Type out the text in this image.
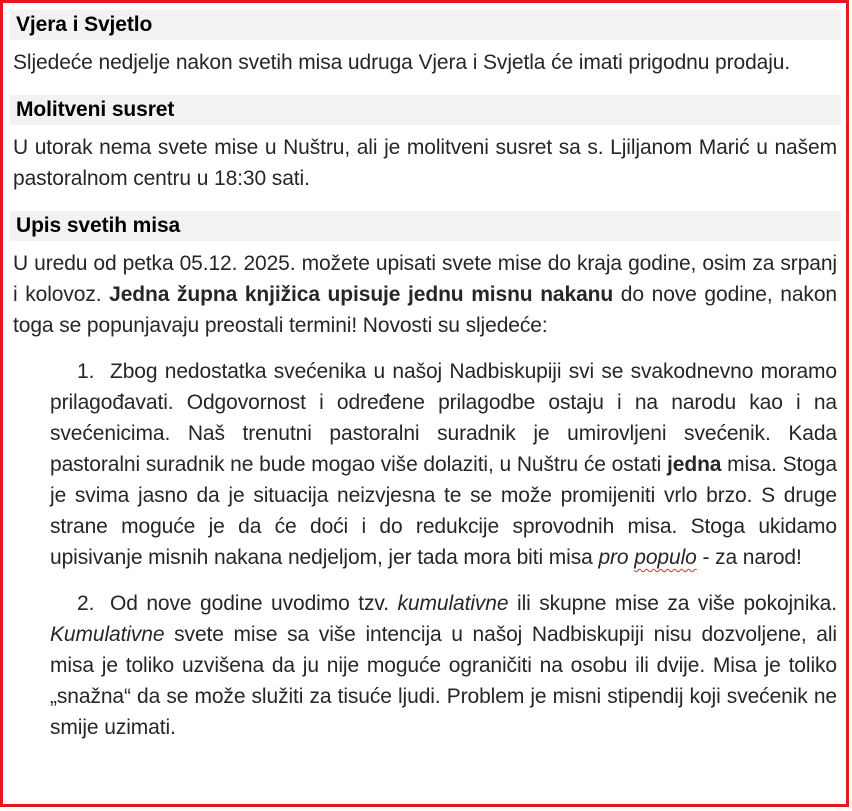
Vjera i Svjetlo

Sljedeće nedjelje nakon svetih misa udruga Vjera i Svjetla će imati prigodnu prodaju.

Molitveni susret

U utorak nema svete mise u Nuštru, ali je molitveni susret sa s. Ljiljanom Marić u našem pastoralnom centru u 18:30 sati.

Upis svetih misa

U uredu od petka 05.12. 2025. možete upisati svete mise do kraja godine, osim za srpanj i kolovoz. Jedna župna knjižica upisuje jednu misnu nakanu do nove godine, nakon toga se popunjavaju preostali termini! Novosti su sljedeće:

1. Zbog nedostatka svećenika u našoj Nadbiskupiji svi se svakodnevno moramo prilagođavati. Odgovornost i određene prilagodbe ostaju i na narodu kao i na svećenicima. Naš trenutni pastoralni suradnik je umirovljeni svećenik. Kada pastoralni suradnik ne bude mogao više dolaziti, u Nuštru će ostati jedna misa. Stoga je svima jasno da je situacija neizvjesna te se može promijeniti vrlo brzo. S druge strane moguće je da će doći i do redukcije sprovodnih misa. Stoga ukidamo upisivanje misnih nakana nedjeljom, jer tada mora biti misa pro populo - za narod!

2. Od nove godine uvodimo tzv. kumulativne ili skupne mise za više pokojnika. Kumulativne svete mise sa više intencija u našoj Nadbiskupiji nisu dozvoljene, ali misa je toliko uzvišena da ju nije moguće ograničiti na osobu ili dvije. Misa je toliko „snažna“ da se može služiti za tisuće ljudi. Problem je misni stipendij koji svećenik ne smije uzimati.
